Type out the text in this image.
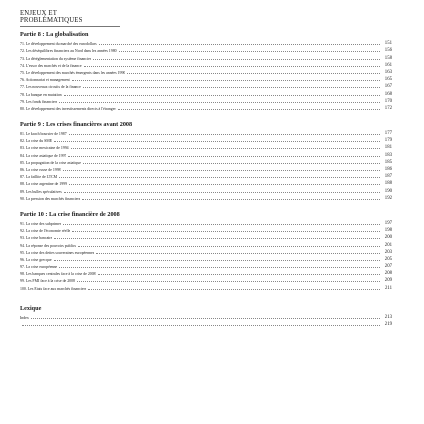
ENJEUX ET PROBLÉMATIQUES
Partie 8 : La globalisation
71. Le développement du marché des eurodollars	151
72. Les déséquilibres financiers au Nord dans les années 1980	156
73. La déréglementation du système financier	158
74. L'essor des marchés et de la finance	161
75. Le développement des marchés émergents dans les années 1990	163
76. Actionnariat et management	165
77. Les nouveaux circuits de la finance	167
78. La banque en mutation	168
79. Les fonds financiers	170
80. Le développement des investissements directs à l'étranger	172
Partie 9 : Les crises financières avant 2008
81. Le krach boursier de 1987	177
82. La crise du SME	179
83. La crise mexicaine de 1994	181
84. La crise asiatique de 1997	183
85. La propagation de la crise asiatique	185
86. La crise russe de 1998	186
87. La faillite de LTCM	187
88. La crise argentine de 1999	188
89. Les bulles spéculatives	190
90. La pression des marchés financiers	192
Partie 10 : La crise financière de 2008
91. La crise des subprimes	197
92. La crise de l'économie réelle	198
93. La crise bancaire	200
94. La réponse des pouvoirs publics	201
95. La crise des dettes souveraines européennes	203
96. La crise grecque	205
97. La crise européenne	207
98. Les banques centrales face à la crise de 2008	208
99. Les FMI face à la crise de 2008	209
100. Les États face aux marchés financiers	211
Lexique
Index	213
219
